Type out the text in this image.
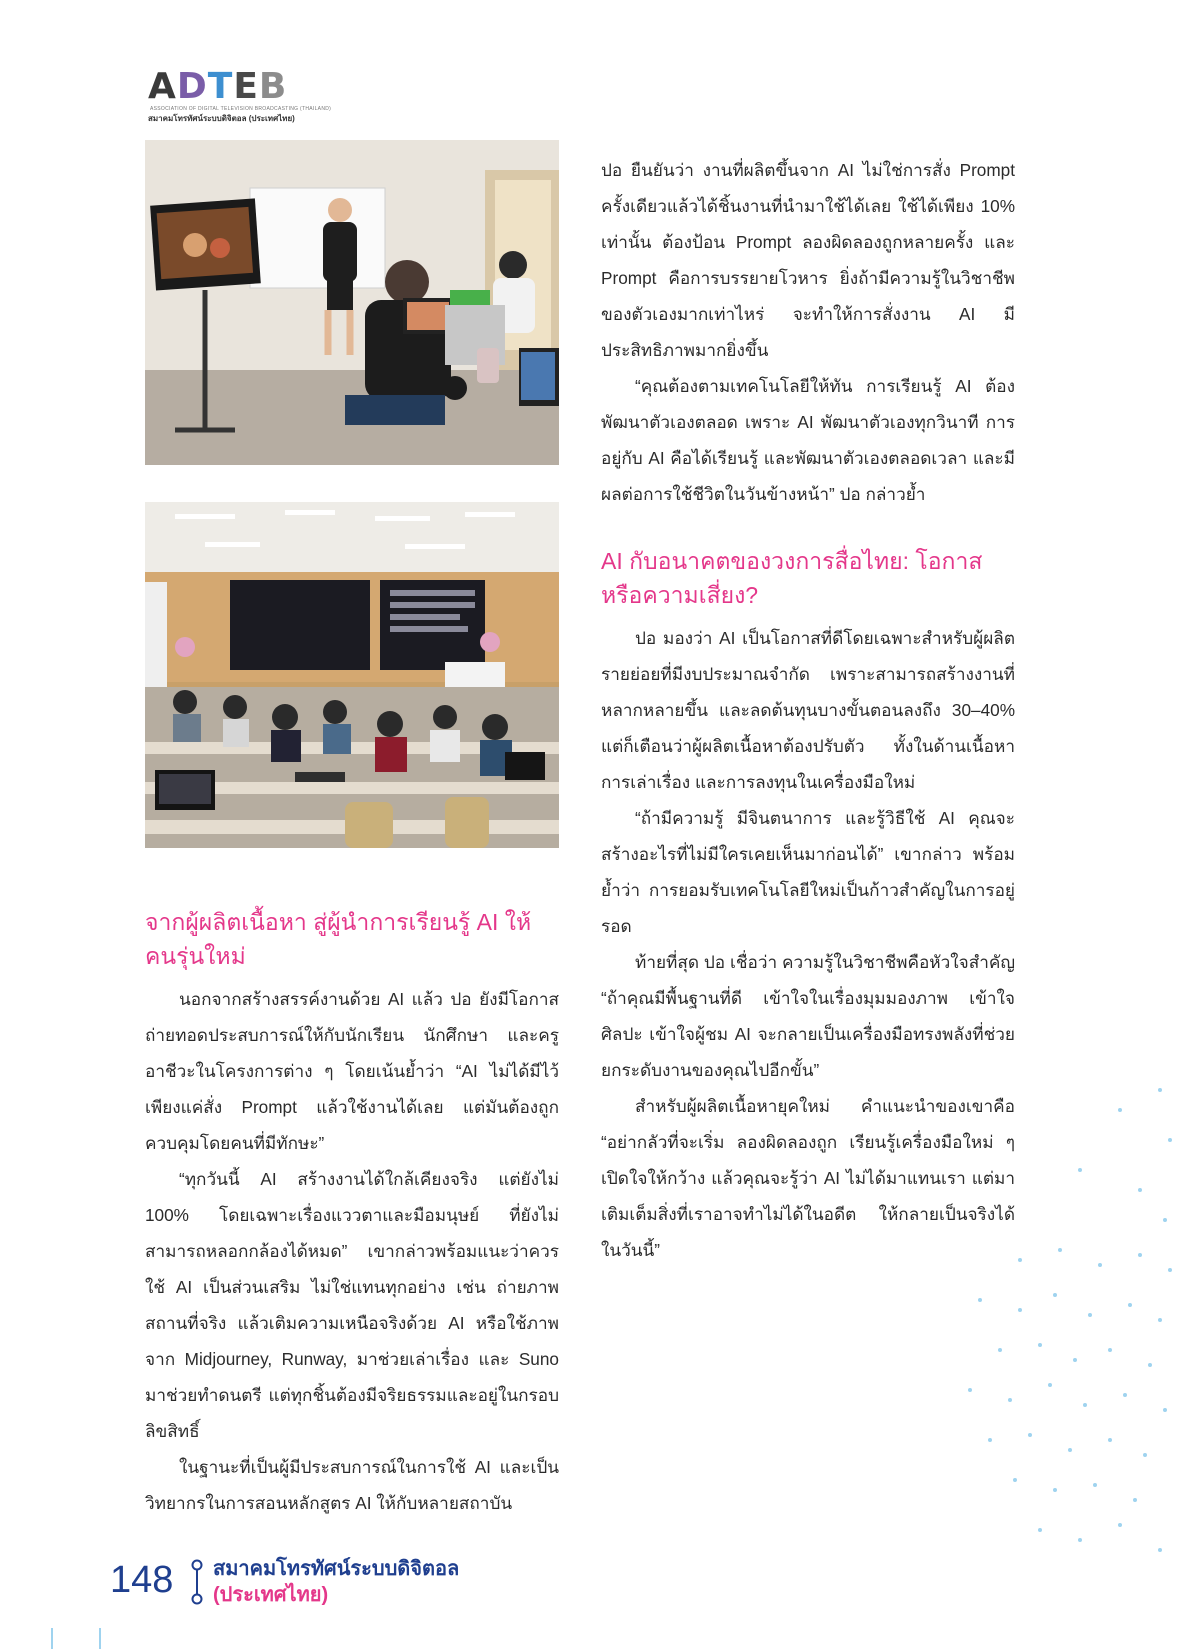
ADTEB
ASSOCIATION OF DIGITAL TELEVISION BROADCASTING (THAILAND)
สมาคมโทรทัศน์ระบบดิจิตอล (ประเทศไทย)
จากผู้ผลิตเนื้อหา สู่ผู้นำการเรียนรู้ AI ให้คนรุ่นใหม่

นอกจากสร้างสรรค์งานด้วย AI แล้ว ปอ ยังมีโอกาสถ่ายทอดประสบการณ์ให้กับนักเรียน นักศึกษา และครูอาชีวะในโครงการต่าง ๆ โดยเน้นย้ำว่า “AI ไม่ได้มีไว้เพียงแค่สั่ง Prompt แล้วใช้งานได้เลย แต่มันต้องถูกควบคุมโดยคนที่มีทักษะ”

“ทุกวันนี้ AI สร้างงานได้ใกล้เคียงจริง แต่ยังไม่ 100% โดยเฉพาะเรื่องแววตาและมือมนุษย์ ที่ยังไม่สามารถหลอกกล้องได้หมด” เขากล่าวพร้อมแนะว่าควรใช้ AI เป็นส่วนเสริม ไม่ใช่แทนทุกอย่าง เช่น ถ่ายภาพสถานที่จริง แล้วเติมความเหนือจริงด้วย AI หรือใช้ภาพจาก Midjourney, Runway, มาช่วยเล่าเรื่อง และ Suno มาช่วยทำดนตรี แต่ทุกชิ้นต้องมีจริยธรรมและอยู่ในกรอบลิขสิทธิ์

ในฐานะที่เป็นผู้มีประสบการณ์ในการใช้ AI และเป็นวิทยากรในการสอนหลักสูตร AI ให้กับหลายสถาบัน

ปอ ยืนยันว่า งานที่ผลิตขึ้นจาก AI ไม่ใช่การสั่ง Prompt ครั้งเดียวแล้วได้ชิ้นงานที่นำมาใช้ได้เลย ใช้ได้เพียง 10% เท่านั้น ต้องป้อน Prompt ลองผิดลองถูกหลายครั้ง และ Prompt คือการบรรยายโวหาร ยิ่งถ้ามีความรู้ในวิชาชีพของตัวเองมากเท่าไหร่ จะทำให้การสั่งงาน AI มีประสิทธิภาพมากยิ่งขึ้น

“คุณต้องตามเทคโนโลยีให้ทัน การเรียนรู้ AI ต้องพัฒนาตัวเองตลอด เพราะ AI พัฒนาตัวเองทุกวินาที การอยู่กับ AI คือได้เรียนรู้ และพัฒนาตัวเองตลอดเวลา และมีผลต่อการใช้ชีวิตในวันข้างหน้า” ปอ กล่าวย้ำ

AI กับอนาคตของวงการสื่อไทย: โอกาสหรือความเสี่ยง?

ปอ มองว่า AI เป็นโอกาสที่ดีโดยเฉพาะสำหรับผู้ผลิตรายย่อยที่มีงบประมาณจำกัด เพราะสามารถสร้างงานที่หลากหลายขึ้น และลดต้นทุนบางขั้นตอนลงถึง 30–40% แต่ก็เตือนว่าผู้ผลิตเนื้อหาต้องปรับตัว ทั้งในด้านเนื้อหา การเล่าเรื่อง และการลงทุนในเครื่องมือใหม่

“ถ้ามีความรู้ มีจินตนาการ และรู้วิธีใช้ AI คุณจะสร้างอะไรที่ไม่มีใครเคยเห็นมาก่อนได้” เขากล่าว พร้อมย้ำว่า การยอมรับเทคโนโลยีใหม่เป็นก้าวสำคัญในการอยู่รอด

ท้ายที่สุด ปอ เชื่อว่า ความรู้ในวิชาชีพคือหัวใจสำคัญ “ถ้าคุณมีพื้นฐานที่ดี เข้าใจในเรื่องมุมมองภาพ เข้าใจศิลปะ เข้าใจผู้ชม AI จะกลายเป็นเครื่องมือทรงพลังที่ช่วยยกระดับงานของคุณไปอีกขั้น”

สำหรับผู้ผลิตเนื้อหายุคใหม่ คำแนะนำของเขาคือ “อย่ากลัวที่จะเริ่ม ลองผิดลองถูก เรียนรู้เครื่องมือใหม่ ๆ เปิดใจให้กว้าง แล้วคุณจะรู้ว่า AI ไม่ได้มาแทนเรา แต่มาเติมเต็มสิ่งที่เราอาจทำไม่ได้ในอดีต ให้กลายเป็นจริงได้ในวันนี้”

148 สมาคมโทรทัศน์ระบบดิจิตอล
(ประเทศไทย)
